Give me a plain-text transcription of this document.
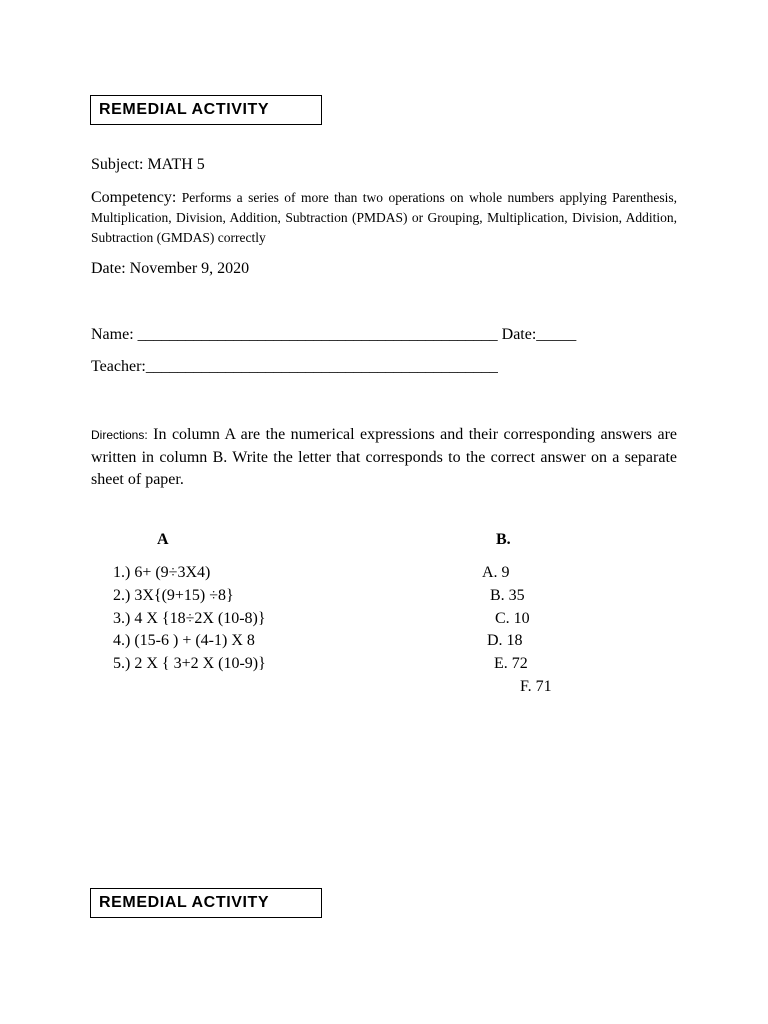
REMEDIAL ACTIVITY
Subject: MATH 5
Competency: Performs a series of more than two operations on whole numbers applying Parenthesis, Multiplication, Division, Addition, Subtraction (PMDAS) or Grouping, Multiplication, Division, Addition, Subtraction (GMDAS) correctly
Date: November 9, 2020
Name: _____________________________________________ Date:_____
Teacher:____________________________________________
Directions: In column A are the numerical expressions and their corresponding answers are written in column B. Write the letter that corresponds to the correct answer on a separate sheet of paper.
A	B.
1.) 6+ (9÷3X4)
2.) 3X{(9+15) ÷8}
3.) 4 X {18÷2X (10-8)}
4.) (15-6 ) + (4-1) X 8
5.) 2 X { 3+2 X (10-9)}
A. 9
B. 35
C. 10
D. 18
E. 72
F. 71
REMEDIAL ACTIVITY
